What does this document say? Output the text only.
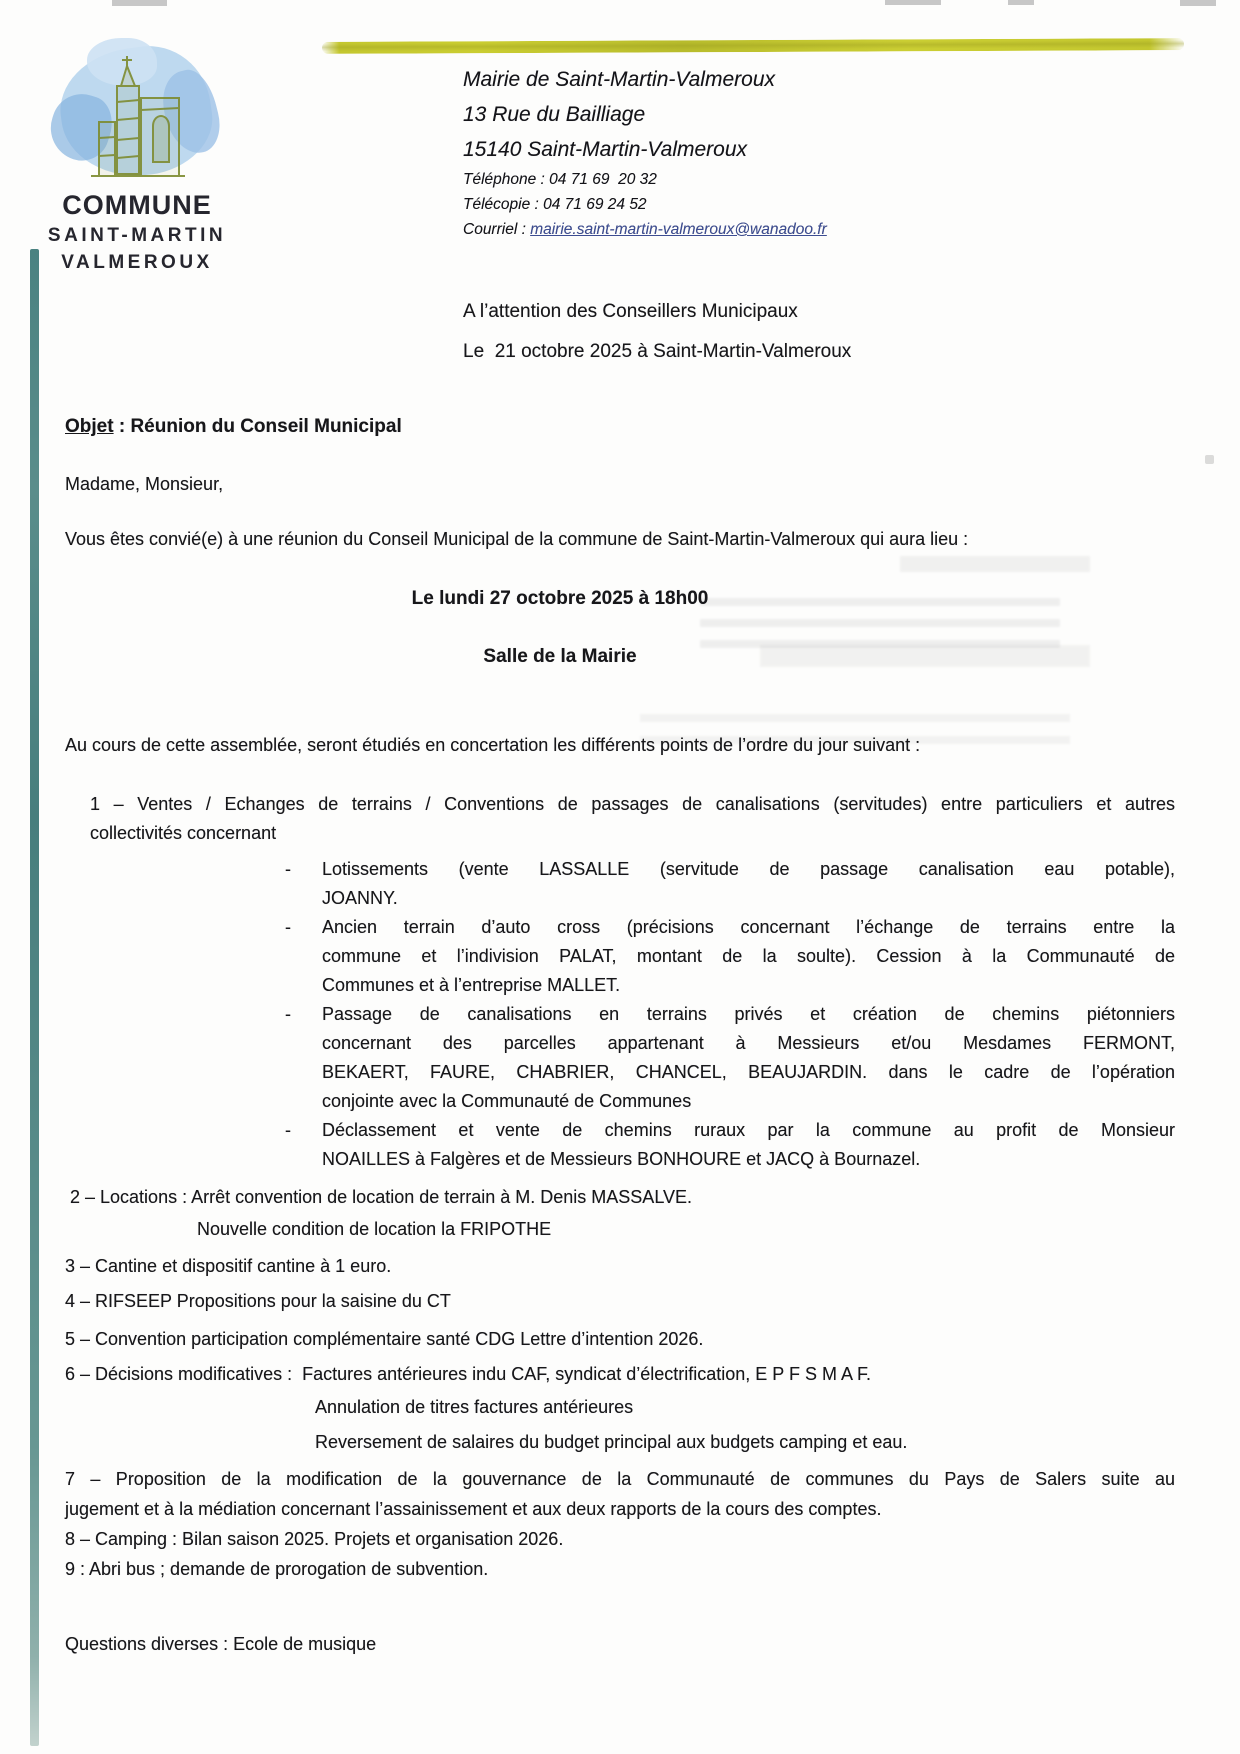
COMMUNE
SAINT-MARTIN
VALMEROUX
Mairie de Saint-Martin-Valmeroux
13 Rue du Bailliage
15140 Saint-Martin-Valmeroux
Téléphone : 04 71 69  20 32
Télécopie : 04 71 69 24 52
Courriel : mairie.saint-martin-valmeroux@wanadoo.fr
A l’attention des Conseillers Municipaux
Le  21 octobre 2025 à Saint-Martin-Valmeroux
Objet : Réunion du Conseil Municipal
Madame, Monsieur,
Vous êtes convié(e) à une réunion du Conseil Municipal de la commune de Saint-Martin-Valmeroux qui aura lieu :
Le lundi 27 octobre 2025 à 18h00
Salle de la Mairie
Au cours de cette assemblée, seront étudiés en concertation les différents points de l’ordre du jour suivant :
1 – Ventes / Echanges de terrains / Conventions de passages de canalisations (servitudes) entre particuliers et autres
collectivités concernant
-	Lotissements (vente LASSALLE (servitude de passage canalisation eau potable),
JOANNY.
-	Ancien terrain d’auto cross (précisions concernant l’échange de terrains entre la
commune et l’indivision PALAT, montant de la soulte). Cession à la Communauté de
Communes et à l’entreprise MALLET.
-	Passage de canalisations en terrains privés et création de chemins piétonniers
concernant des parcelles appartenant à Messieurs et/ou Mesdames FERMONT,
BEKAERT, FAURE, CHABRIER, CHANCEL, BEAUJARDIN. dans le cadre de l’opération
conjointe avec la Communauté de Communes
-	Déclassement et vente de chemins ruraux par la commune au profit de Monsieur
NOAILLES à Falgères et de Messieurs BONHOURE et JACQ à Bournazel.
2 – Locations : Arrêt convention de location de terrain à M. Denis MASSALVE.
Nouvelle condition de location la FRIPOTHE
3 – Cantine et dispositif cantine à 1 euro.
4 – RIFSEEP Propositions pour la saisine du CT
5 – Convention participation complémentaire santé CDG Lettre d’intention 2026.
6 – Décisions modificatives :  Factures antérieures indu CAF, syndicat d’électrification, E P F S M A F.
Annulation de titres factures antérieures
Reversement de salaires du budget principal aux budgets camping et eau.
7 – Proposition de la modification de la gouvernance de la Communauté de communes du Pays de Salers suite au
jugement et à la médiation concernant l’assainissement et aux deux rapports de la cours des comptes.
8 – Camping : Bilan saison 2025. Projets et organisation 2026.
9 : Abri bus ; demande de prorogation de subvention.
Questions diverses : Ecole de musique
